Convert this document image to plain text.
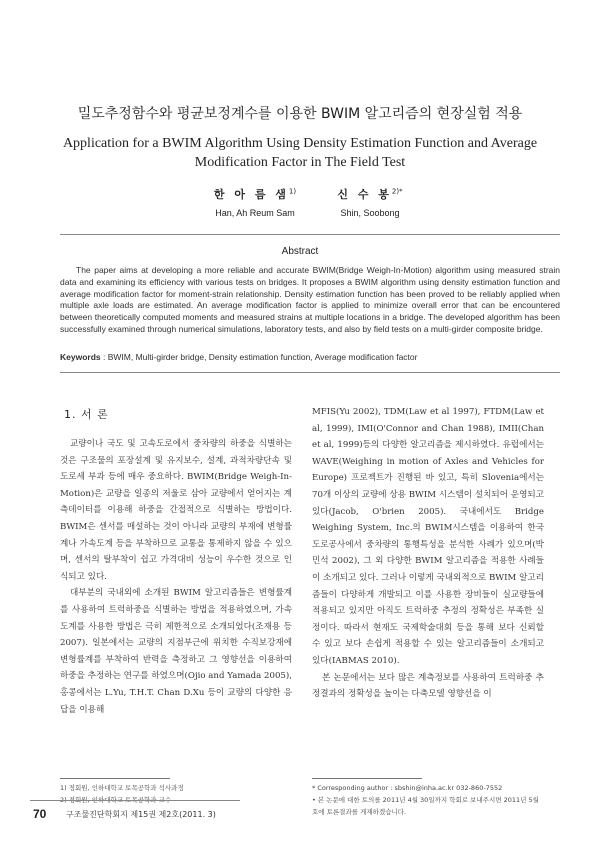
밀도추정함수와 평균보정계수를 이용한 BWIM 알고리즘의 현장실험 적용
Application for a BWIM Algorithm Using Density Estimation Function and Average Modification Factor in The Field Test
한 아 름 샘$^{1)}$
Han, Ah Reum Sam
신 수 봉$^{2)*}$
Shin, Soobong
Abstract
The paper aims at developing a more reliable and accurate BWIM(Bridge Weigh-In-Motion) algorithm using measured strain data and examining its efficiency with various tests on bridges. It proposes a BWIM algorithm using density estimation function and average modification factor for moment-strain relationship. Density estimation function has been proved to be reliably applied when multiple axle loads are estimated. An average modification factor is applied to minimize overall error that can be encountered between theoretically computed moments and measured strains at multiple locations in a bridge. The developed algorithm has been successfully examined through numerical simulations, laboratory tests, and also by field tests on a multi-girder composite bridge.
Keywords : BWIM, Multi-girder bridge, Density estimation function, Average modification factor
1. 서 론

교량이나 국도 및 고속도로에서 중차량의 하중을 식별하는 것은 구조물의 포장설계 및 유지보수, 설계, 과적차량단속 및 도로세 부과 등에 매우 중요하다. BWIM(Bridge Weigh-In-Motion)은 교량을 일종의 저울로 삼아 교량에서 얻어지는 계측데이터를 이용해 하중을 간접적으로 식별하는 방법이다. BWIM은 센서를 매설하는 것이 아니라 교량의 부재에 변형률계나 가속도계 등을 부착하므로 교통을 통제하지 않을 수 있으며, 센서의 탈부착이 쉽고 가격대비 성능이 우수한 것으로 인식되고 있다.

대부분의 국내외에 소개된 BWIM 알고리즘들은 변형률계를 사용하여 트럭하중을 식별하는 방법을 적용하였으며, 가속도계를 사용한 방법은 극히 제한적으로 소개되었다(조재용 등 2007). 일본에서는 교량의 지점부근에 위치한 수직보강재에 변형률계를 부착하여 반력을 측정하고 그 영향선을 이용하여 하중을 추정하는 연구를 하였으며(Ojio and Yamada 2005), 홍콩에서는 L.Yu, T.H.T. Chan D.Xu 등이 교량의 다양한 응답을 이용해

MFIS(Yu 2002), TDM(Law et al 1997), FTDM(Law et al, 1999), IMI(O'Connor and Chan 1988), IMII(Chan et al, 1999)등의 다양한 알고리즘을 제시하였다. 유럽에서는 WAVE(Weighing in motion of Axles and Vehicles for Europe) 프로젝트가 진행된 바 있고, 특히 Slovenia에서는 70개 이상의 교량에 상용 BWIM 시스템이 설치되어 운영되고 있다(Jacob, O'brien 2005). 국내에서도 Bridge Weighing System, Inc.의 BWIM시스템을 이용하여 한국도로공사에서 중차량의 통행특성을 분석한 사례가 있으며(박민석 2002), 그 외 다양한 BWIM 알고리즘을 적용한 사례들이 소개되고 있다. 그러나 이렇게 국내외적으로 BWIM 알고리즘들이 다양하게 개발되고 이를 사용한 장비들이 실교량들에 적용되고 있지만 아직도 트럭하중 추정의 정확성은 부족한 실정이다. 따라서 현재도 국제학술대회 등을 통해 보다 신뢰할 수 있고 보다 손쉽게 적용할 수 있는 알고리즘들이 소개되고 있다(IABMAS 2010).

본 논문에서는 보다 많은 계측정보를 사용하여 트럭하중 추정결과의 정확성을 높이는 다축모델 영향선을 이

1) 정회원, 인하대학교 토목공학과 석사과정
2) 정회원, 인하대학교 토목공학과 교수
* Corresponding author : sbshin@inha.ac.kr 032-860-7552
• 본 논문에 대한 토의를 2011년 4월 30일까지 학회로 보내주시면 2011년 5월호에 토론결과를 게재하겠습니다.
70 구조물진단학회지 제15권 제2호(2011. 3)
